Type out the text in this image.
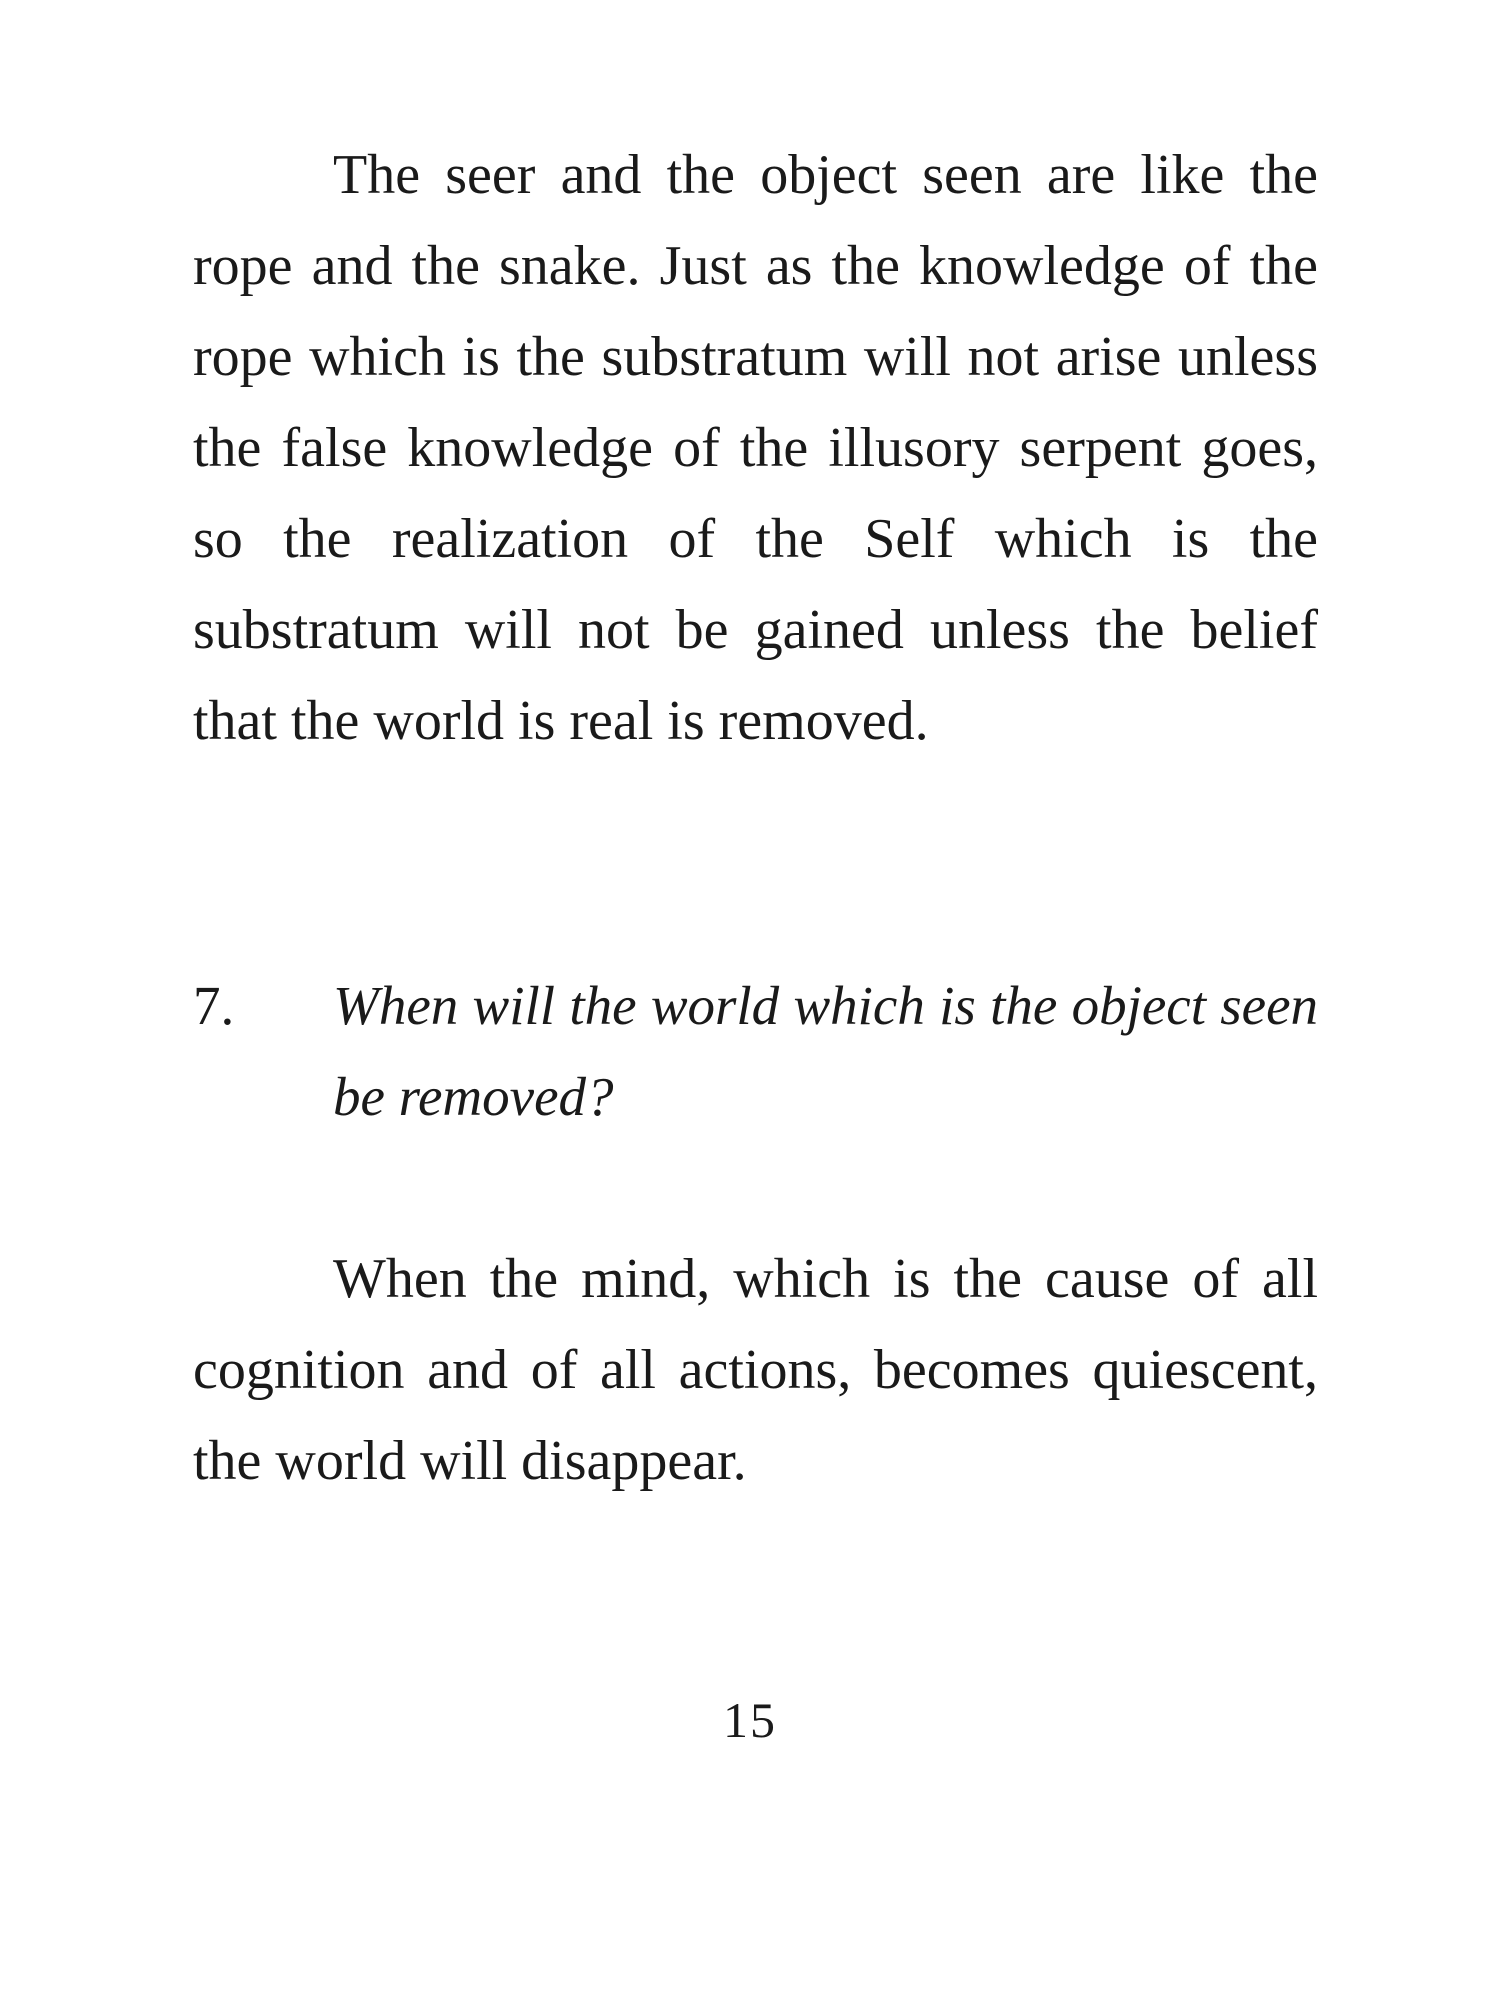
The seer and the object seen are like the rope and the snake. Just as the knowledge of the rope which is the substratum will not arise unless the false knowledge of the illusory serpent goes, so the realization of the Self which is the substratum will not be gained unless the belief that the world is real is removed.

7. When will the world which is the object seen be removed?

When the mind, which is the cause of all cognition and of all actions, becomes quiescent, the world will disappear.

15
